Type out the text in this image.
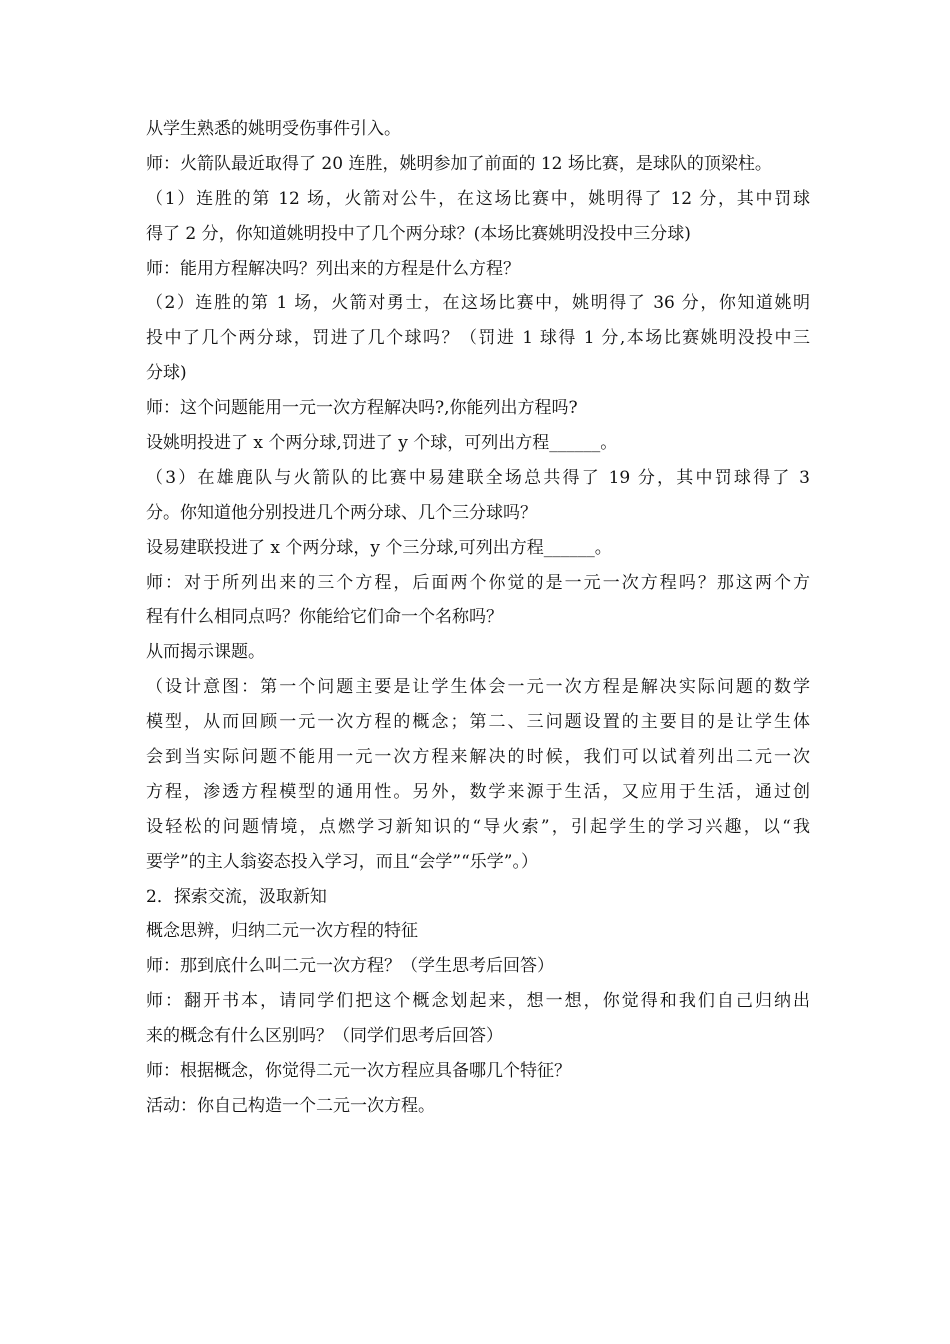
从学生熟悉的姚明受伤事件引入。
师：火箭队最近取得了 20 连胜，姚明参加了前面的 12 场比赛，是球队的顶梁柱。
（1）连胜的第 12 场，火箭对公牛，在这场比赛中，姚明得了 12 分，其中罚球
得了 2 分，你知道姚明投中了几个两分球？(本场比赛姚明没投中三分球)
师：能用方程解决吗？列出来的方程是什么方程？
（2）连胜的第 1 场，火箭对勇士，在这场比赛中，姚明得了 36 分，你知道姚明
投中了几个两分球，罚进了几个球吗？（罚进 1 球得 1 分,本场比赛姚明没投中三
分球)
师：这个问题能用一元一次方程解决吗?,你能列出方程吗?
设姚明投进了 x 个两分球,罚进了 y 个球，可列出方程______。
（3）在雄鹿队与火箭队的比赛中易建联全场总共得了 19 分，其中罚球得了 3
分。你知道他分别投进几个两分球、几个三分球吗？
设易建联投进了 x 个两分球，y 个三分球,可列出方程______。
师：对于所列出来的三个方程，后面两个你觉的是一元一次方程吗？那这两个方
程有什么相同点吗？你能给它们命一个名称吗？
从而揭示课题。
（设计意图：第一个问题主要是让学生体会一元一次方程是解决实际问题的数学
模型，从而回顾一元一次方程的概念；第二、三问题设置的主要目的是让学生体
会到当实际问题不能用一元一次方程来解决的时候，我们可以试着列出二元一次
方程，渗透方程模型的通用性。另外，数学来源于生活，又应用于生活，通过创
设轻松的问题情境，点燃学习新知识的“导火索”，引起学生的学习兴趣，以“我
要学”的主人翁姿态投入学习，而且“会学”“乐学”。）
2．探索交流，汲取新知
概念思辨，归纳二元一次方程的特征
师：那到底什么叫二元一次方程？（学生思考后回答）
师：翻开书本，请同学们把这个概念划起来，想一想，你觉得和我们自己归纳出
来的概念有什么区别吗？（同学们思考后回答）
师：根据概念，你觉得二元一次方程应具备哪几个特征？
活动：你自己构造一个二元一次方程。
